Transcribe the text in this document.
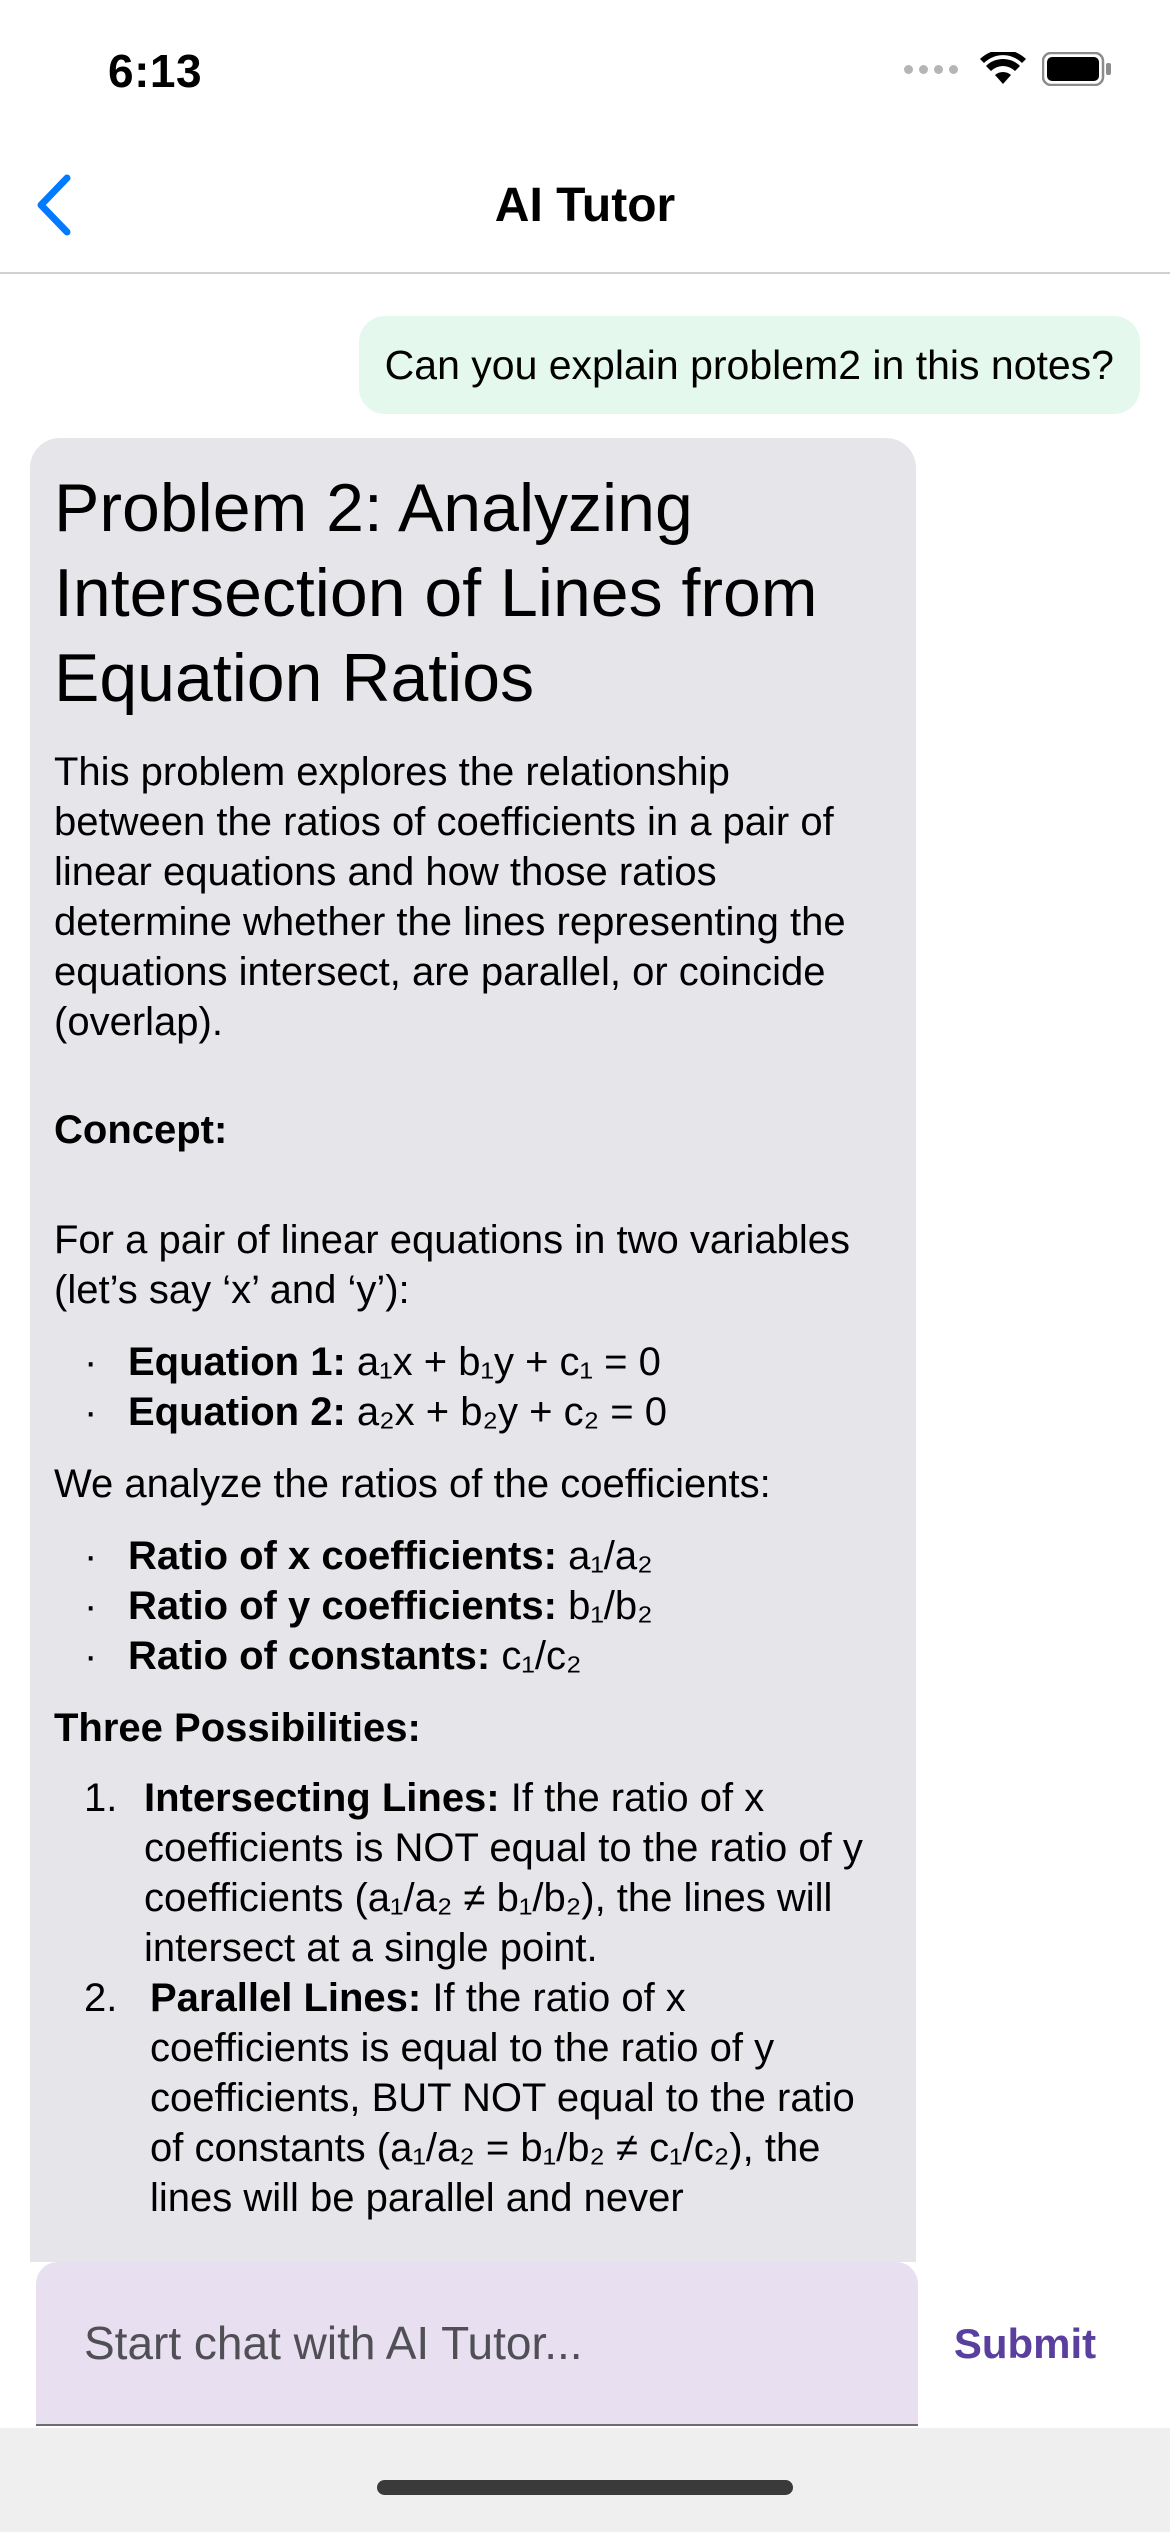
6:13
AI Tutor
Can you explain problem2 in this notes?
Problem 2: Analyzing Intersection of Lines from Equation Ratios

This problem explores the relationship between the ratios of coefficients in a pair of linear equations and how those ratios determine whether the lines representing the equations intersect, are parallel, or coincide (overlap).

Concept:

For a pair of linear equations in two variables (let’s say ‘x’ and ‘y’):

· Equation 1: a₁x + b₁y + c₁ = 0
· Equation 2: a₂x + b₂y + c₂ = 0

We analyze the ratios of the coefficients:

· Ratio of x coefficients: a₁/a₂
· Ratio of y coefficients: b₁/b₂
· Ratio of constants: c₁/c₂

Three Possibilities:

1. Intersecting Lines: If the ratio of x coefficients is NOT equal to the ratio of y coefficients (a₁/a₂ ≠ b₁/b₂), the lines will intersect at a single point.
2. Parallel Lines: If the ratio of x coefficients is equal to the ratio of y coefficients, BUT NOT equal to the ratio of constants (a₁/a₂ = b₁/b₂ ≠ c₁/c₂), the lines will be parallel and never
Start chat with AI Tutor...
Submit
